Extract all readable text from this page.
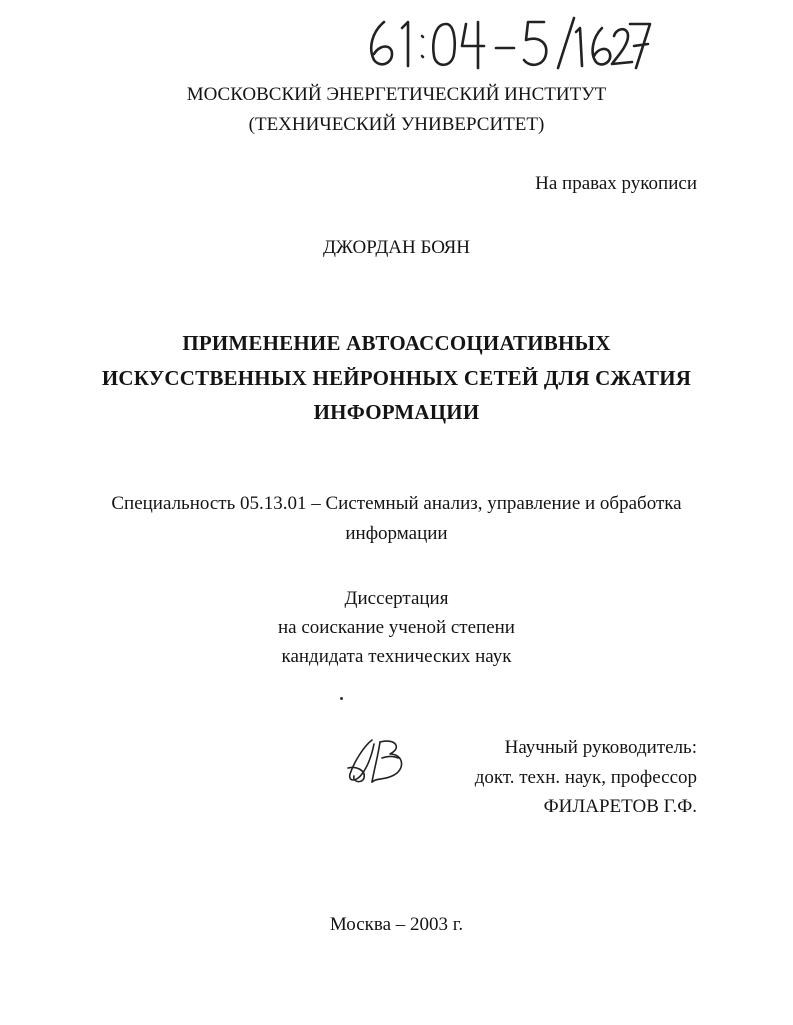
МОСКОВСКИЙ ЭНЕРГЕТИЧЕСКИЙ ИНСТИТУТ
(ТЕХНИЧЕСКИЙ УНИВЕРСИТЕТ)
На правах рукописи
ДЖОРДАН БОЯН
ПРИМЕНЕНИЕ АВТОАССОЦИАТИВНЫХ
ИСКУССТВЕННЫХ НЕЙРОННЫХ СЕТЕЙ ДЛЯ СЖАТИЯ
ИНФОРМАЦИИ
Специальность 05.13.01 – Системный анализ, управление и обработка
информации
Диссертация
на соискание ученой степени
кандидата технических наук
Научный руководитель:
докт. техн. наук, профессор
ФИЛАРЕТОВ Г.Ф.
Москва – 2003 г.
